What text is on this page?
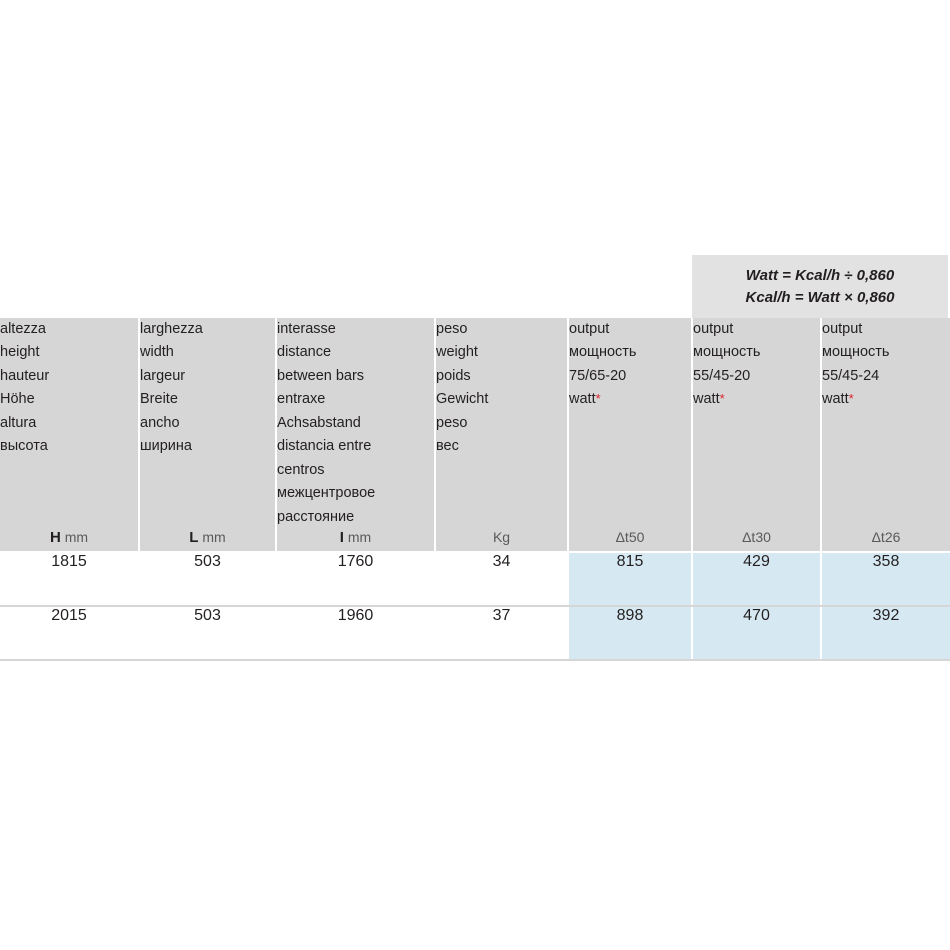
Watt = Kcal/h ÷ 0,860
Kcal/h = Watt × 0,860
altezza
height
hauteur
Höhe
altura
высота

larghezza
width
largeur
Breite
ancho
ширина

interasse
distance
between bars
entraxe
Achsabstand
distancia entre
centros
межцентровое
расстояние

peso
weight
poids
Gewicht
peso
вес

output
мощность
75/65-20
watt*

output
мощность
55/45-20
watt*

output
мощность
55/45-24
watt*

H mm	L mm	I mm	Kg	Δt50	Δt30	Δt26
1815	503	1760	34	815	429	358
2015	503	1960	37	898	470	392
